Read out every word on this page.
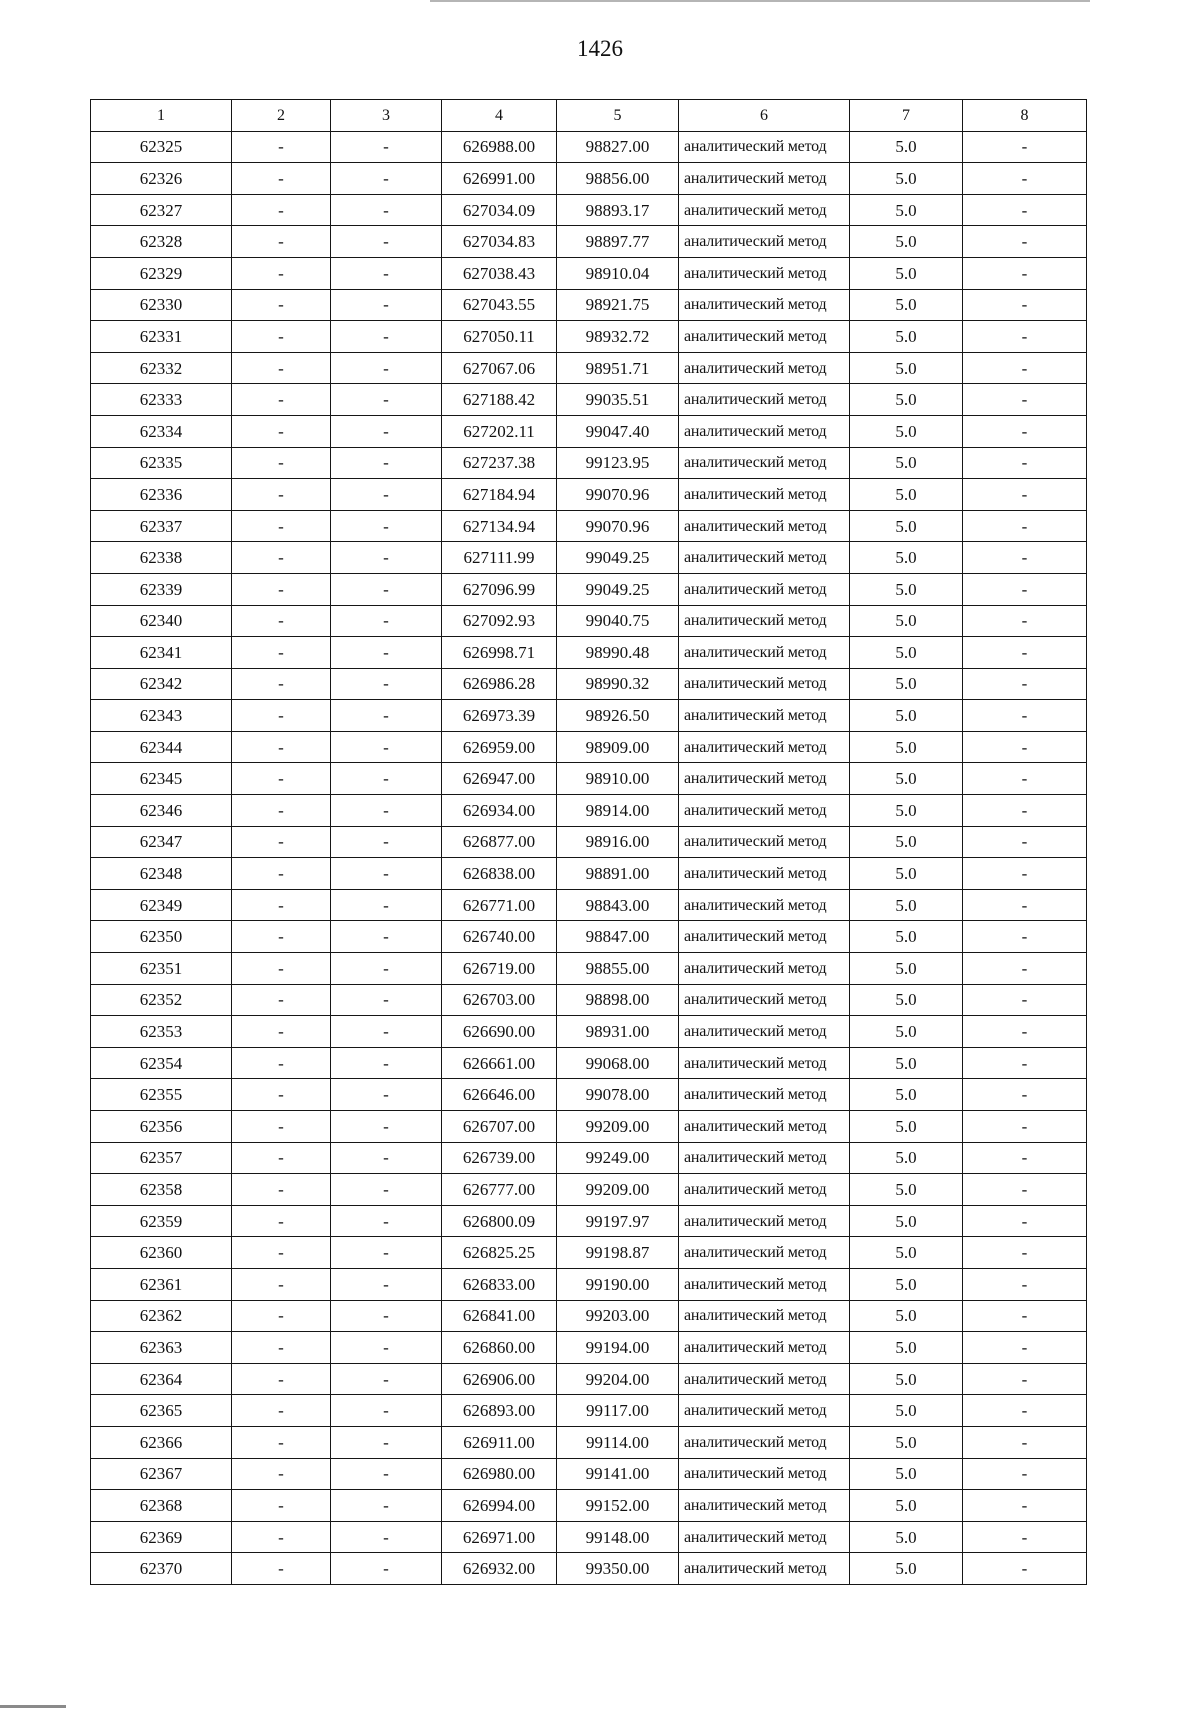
1426
1	2	3	4	5	6	7	8
62325	-	-	626988.00	98827.00	аналитический метод	5.0	-
62326	-	-	626991.00	98856.00	аналитический метод	5.0	-
62327	-	-	627034.09	98893.17	аналитический метод	5.0	-
62328	-	-	627034.83	98897.77	аналитический метод	5.0	-
62329	-	-	627038.43	98910.04	аналитический метод	5.0	-
62330	-	-	627043.55	98921.75	аналитический метод	5.0	-
62331	-	-	627050.11	98932.72	аналитический метод	5.0	-
62332	-	-	627067.06	98951.71	аналитический метод	5.0	-
62333	-	-	627188.42	99035.51	аналитический метод	5.0	-
62334	-	-	627202.11	99047.40	аналитический метод	5.0	-
62335	-	-	627237.38	99123.95	аналитический метод	5.0	-
62336	-	-	627184.94	99070.96	аналитический метод	5.0	-
62337	-	-	627134.94	99070.96	аналитический метод	5.0	-
62338	-	-	627111.99	99049.25	аналитический метод	5.0	-
62339	-	-	627096.99	99049.25	аналитический метод	5.0	-
62340	-	-	627092.93	99040.75	аналитический метод	5.0	-
62341	-	-	626998.71	98990.48	аналитический метод	5.0	-
62342	-	-	626986.28	98990.32	аналитический метод	5.0	-
62343	-	-	626973.39	98926.50	аналитический метод	5.0	-
62344	-	-	626959.00	98909.00	аналитический метод	5.0	-
62345	-	-	626947.00	98910.00	аналитический метод	5.0	-
62346	-	-	626934.00	98914.00	аналитический метод	5.0	-
62347	-	-	626877.00	98916.00	аналитический метод	5.0	-
62348	-	-	626838.00	98891.00	аналитический метод	5.0	-
62349	-	-	626771.00	98843.00	аналитический метод	5.0	-
62350	-	-	626740.00	98847.00	аналитический метод	5.0	-
62351	-	-	626719.00	98855.00	аналитический метод	5.0	-
62352	-	-	626703.00	98898.00	аналитический метод	5.0	-
62353	-	-	626690.00	98931.00	аналитический метод	5.0	-
62354	-	-	626661.00	99068.00	аналитический метод	5.0	-
62355	-	-	626646.00	99078.00	аналитический метод	5.0	-
62356	-	-	626707.00	99209.00	аналитический метод	5.0	-
62357	-	-	626739.00	99249.00	аналитический метод	5.0	-
62358	-	-	626777.00	99209.00	аналитический метод	5.0	-
62359	-	-	626800.09	99197.97	аналитический метод	5.0	-
62360	-	-	626825.25	99198.87	аналитический метод	5.0	-
62361	-	-	626833.00	99190.00	аналитический метод	5.0	-
62362	-	-	626841.00	99203.00	аналитический метод	5.0	-
62363	-	-	626860.00	99194.00	аналитический метод	5.0	-
62364	-	-	626906.00	99204.00	аналитический метод	5.0	-
62365	-	-	626893.00	99117.00	аналитический метод	5.0	-
62366	-	-	626911.00	99114.00	аналитический метод	5.0	-
62367	-	-	626980.00	99141.00	аналитический метод	5.0	-
62368	-	-	626994.00	99152.00	аналитический метод	5.0	-
62369	-	-	626971.00	99148.00	аналитический метод	5.0	-
62370	-	-	626932.00	99350.00	аналитический метод	5.0	-
